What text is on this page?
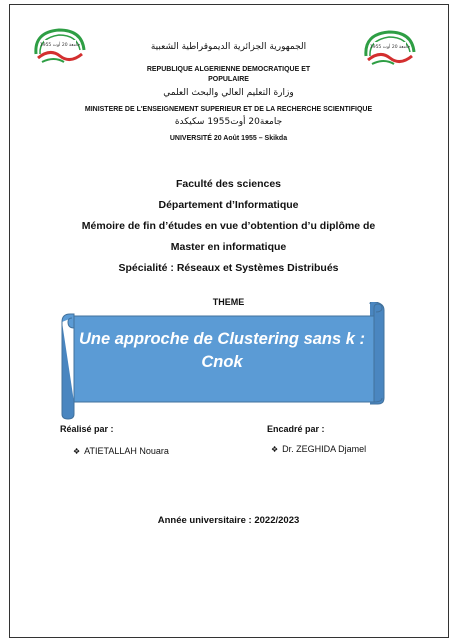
جامعة 20 أوت 1955	جامعة 20 أوت 1955
الجمهورية الجزائرية الديموقراطية الشعبية
REPUBLIQUE ALGERIENNE DEMOCRATIQUE ET
POPULAIRE
وزارة التعليم العالي والبحث العلمي
MINISTERE DE L'ENSEIGNEMENT SUPERIEUR ET DE LA RECHERCHE SCIENTIFIQUE
جامعة20 أوت1955 سكيكدة
UNIVERSITÉ 20 Août 1955 – Skikda
Faculté des sciences
Département d’Informatique
Mémoire de fin d’études en vue d’obtention d’u diplôme de
Master en informatique
Spécialité : Réseaux et Systèmes Distribués
THEME
Une approche de Clustering sans k :
Cnok
Réalisé par :
❖ ATIETALLAH Nouara
Encadré par :
❖ Dr. ZEGHIDA Djamel
Année universitaire : 2022/2023
